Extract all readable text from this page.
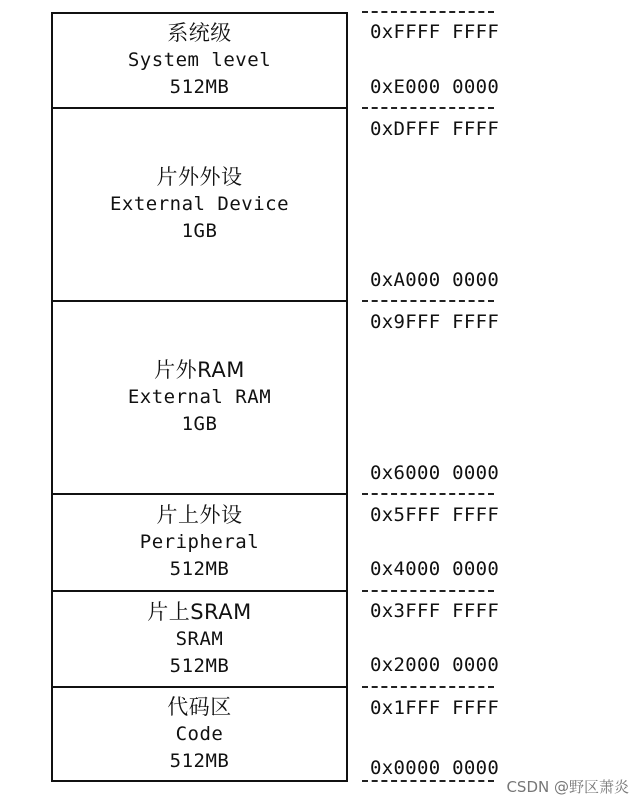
系统级
System level
512MB
片外外设
External Device
1GB
片外RAM
External RAM
1GB
片上外设
Peripheral
512MB
片上SRAM
SRAM
512MB
代码区
Code
512MB
0xFFFF FFFF
0xE000 0000
0xDFFF FFFF
0xA000 0000
0x9FFF FFFF
0x6000 0000
0x5FFF FFFF
0x4000 0000
0x3FFF FFFF
0x2000 0000
0x1FFF FFFF
0x0000 0000
CSDN @野区萧炎
